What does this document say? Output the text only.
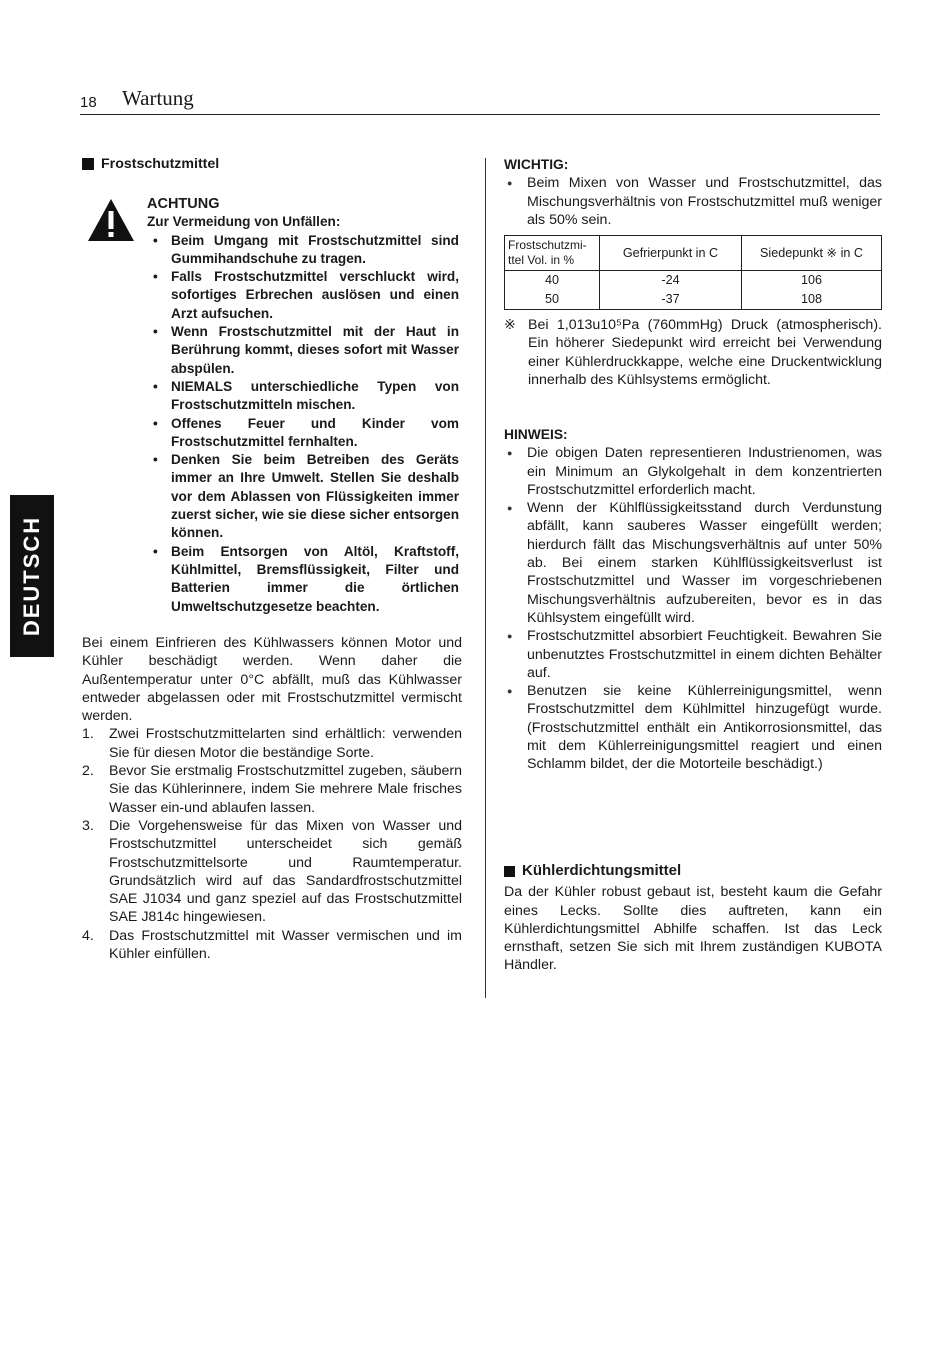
18 Wartung
DEUTSCH
Frostschutzmittel
ACHTUNG
Zur Vermeidung von Unfällen:
• Beim Umgang mit Frostschutzmittel sind Gummihandschuhe zu tragen.
• Falls Frostschutzmittel verschluckt wird, sofortiges Erbrechen auslösen und einen Arzt aufsuchen.
• Wenn Frostschutzmittel mit der Haut in Berührung kommt, dieses sofort mit Wasser abspülen.
• NIEMALS unterschiedliche Typen von Frostschutzmitteln mischen.
• Offenes Feuer und Kinder vom Frostschutzmittel fernhalten.
• Denken Sie beim Betreiben des Geräts immer an Ihre Umwelt. Stellen Sie deshalb vor dem Ablassen von Flüssigkeiten immer zuerst sicher, wie sie diese sicher entsorgen können.
• Beim Entsorgen von Altöl, Kraftstoff, Kühlmittel, Bremsflüssigkeit, Filter und Batterien immer die örtlichen Umweltschutzgesetze beachten.

Bei einem Einfrieren des Kühlwassers können Motor und Kühler beschädigt werden. Wenn daher die Außentemperatur unter 0°C abfällt, muß das Kühlwasser entweder abgelassen oder mit Frostschutzmittel vermischt werden.

1. Zwei Frostschutzmittelarten sind erhältlich: verwenden Sie für diesen Motor die beständige Sorte.
2. Bevor Sie erstmalig Frostschutzmittel zugeben, säubern Sie das Kühlerinnere, indem Sie mehrere Male frisches Wasser ein-und ablaufen lassen.
3. Die Vorgehensweise für das Mixen von Wasser und Frostschutzmittel unterscheidet sich gemäß Frostschutzmittelsorte und Raumtemperatur. Grundsätzlich wird auf das Sandardfrostschutzmittel SAE J1034 und ganz speziel auf das Frostschutzmittel SAE J814c hingewiesen.
4. Das Frostschutzmittel mit Wasser vermischen und im Kühler einfüllen.
WICHTIG:
● Beim Mixen von Wasser und Frostschutzmittel, das Mischungsverhältnis von Frostschutzmittel muß weniger als 50% sein.
Frostschutzmi-ttel Vol. in %	Gefrierpunkt in C	Siedepunkt ※ in C
40	-24	106
50	-37	108
※ Bei 1,013u10⁵Pa (760mmHg) Druck (atmospherisch). Ein höherer Siedepunkt wird erreicht bei Verwendung einer Kühlerdruckkappe, welche eine Druckentwicklung innerhalb des Kühlsystems ermöglicht.

HINWEIS:
● Die obigen Daten representieren Industrienomen, was ein Minimum an Glykolgehalt in dem konzentrierten Frostschutzmittel erforderlich macht.
● Wenn der Kühlflüssigkeitsstand durch Verdunstung abfällt, kann sauberes Wasser eingefüllt werden; hierdurch fällt das Mischungsverhältnis auf unter 50% ab. Bei einem starken Kühlflüssigkeitsverlust ist Frostschutzmittel und Wasser im vorgeschriebenen Mischungsverhältnis aufzubereiten, bevor es in das Kühlsystem eingefüllt wird.
● Frostschutzmittel absorbiert Feuchtigkeit. Bewahren Sie unbenutztes Frostschutzmittel in einem dichten Behälter auf.
● Benutzen sie keine Kühlerreinigungsmittel, wenn Frostschutzmittel dem Kühlmittel hinzugefügt wurde. (Frostschutzmittel enthält ein Antikorrosionsmittel, das mit dem Kühlerreinigungsmittel reagiert und einen Schlamm bildet, der die Motorteile beschädigt.)
Kühlerdichtungsmittel

Da der Kühler robust gebaut ist, besteht kaum die Gefahr eines Lecks. Sollte dies auftreten, kann ein Kühlerdichtungsmittel Abhilfe schaffen. Ist das Leck ernsthaft, setzen Sie sich mit Ihrem zuständigen KUBOTA Händler.
